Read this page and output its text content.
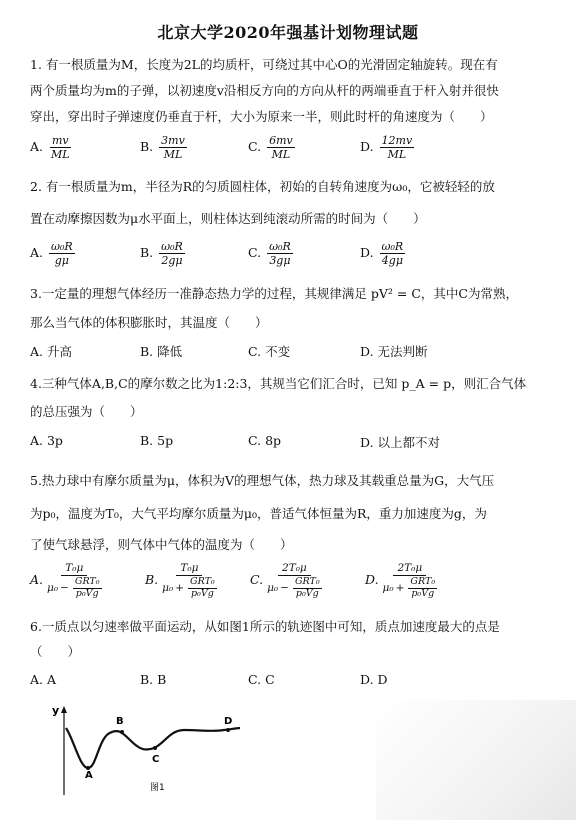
北京大学2020年强基计划物理试题
1. 有一根质量为M，长度为2L的均质杆，可绕过其中心O的光滑固定轴旋转。现在有
两个质量均为m的子弹，以初速度v沿相反方向的方向从杆的两端垂直于杆入射并很快
穿出，穿出时子弹速度仍垂直于杆，大小为原来一半，则此时杆的角速度为（　　）
A. $\frac{mv}{ML}$	B. $\frac{3mv}{ML}$	C. $\frac{6mv}{ML}$	D. $\frac{12mv}{ML}$
2. 有一根质量为m，半径为R的匀质圆柱体，初始的自转角速度为ω₀，它被轻轻的放
置在动摩擦因数为μ水平面上，则柱体达到纯滚动所需的时间为（　　）
A. $\frac{\text{ω₀R}}{g\mu}$	B. $\frac{\text{ω₀R}}{2g\mu}$	C. $\frac{\text{ω₀R}}{3g\mu}$	D. $\frac{\text{ω₀R}}{4g\mu}$
3.一定量的理想气体经历一准静态热力学的过程，其规律满足 pV² = C，其中C为常熟，
那么当气体的体积膨胀时，其温度（　　）
A. 升高	B. 降低	C. 不变	D. 无法判断
4.三种气体A,B,C的摩尔数之比为1:2:3，其规当它们汇合时，已知 p_A = p，则汇合气体
的总压强为（　　）
A. 3p	B. 5p	C. 8p	D. 以上都不对
5.热力球中有摩尔质量为μ，体积为V的理想气体，热力球及其载重总量为G，大气压
为p₀，温度为T₀，大气平均摩尔质量为μ₀，普适气体恒量为R，重力加速度为g，为
了使气球悬浮，则气体中气体的温度为（　　）
A. T₀μ
μ₀ −
GRT₀
p₀Vg	B. T₀μ
μ₀ +
GRT₀
p₀Vg	C. 2T₀μ
μ₀ −
GRT₀
p₀Vg	D. 2T₀μ
μ₀ +
GRT₀
p₀Vg
6.一质点以匀速率做平面运动，从如图1所示的轨迹图中可知，质点加速度最大的点是
（　　）
A. A	B. B	C. C	D. D
y
A
B
C
D
图1
